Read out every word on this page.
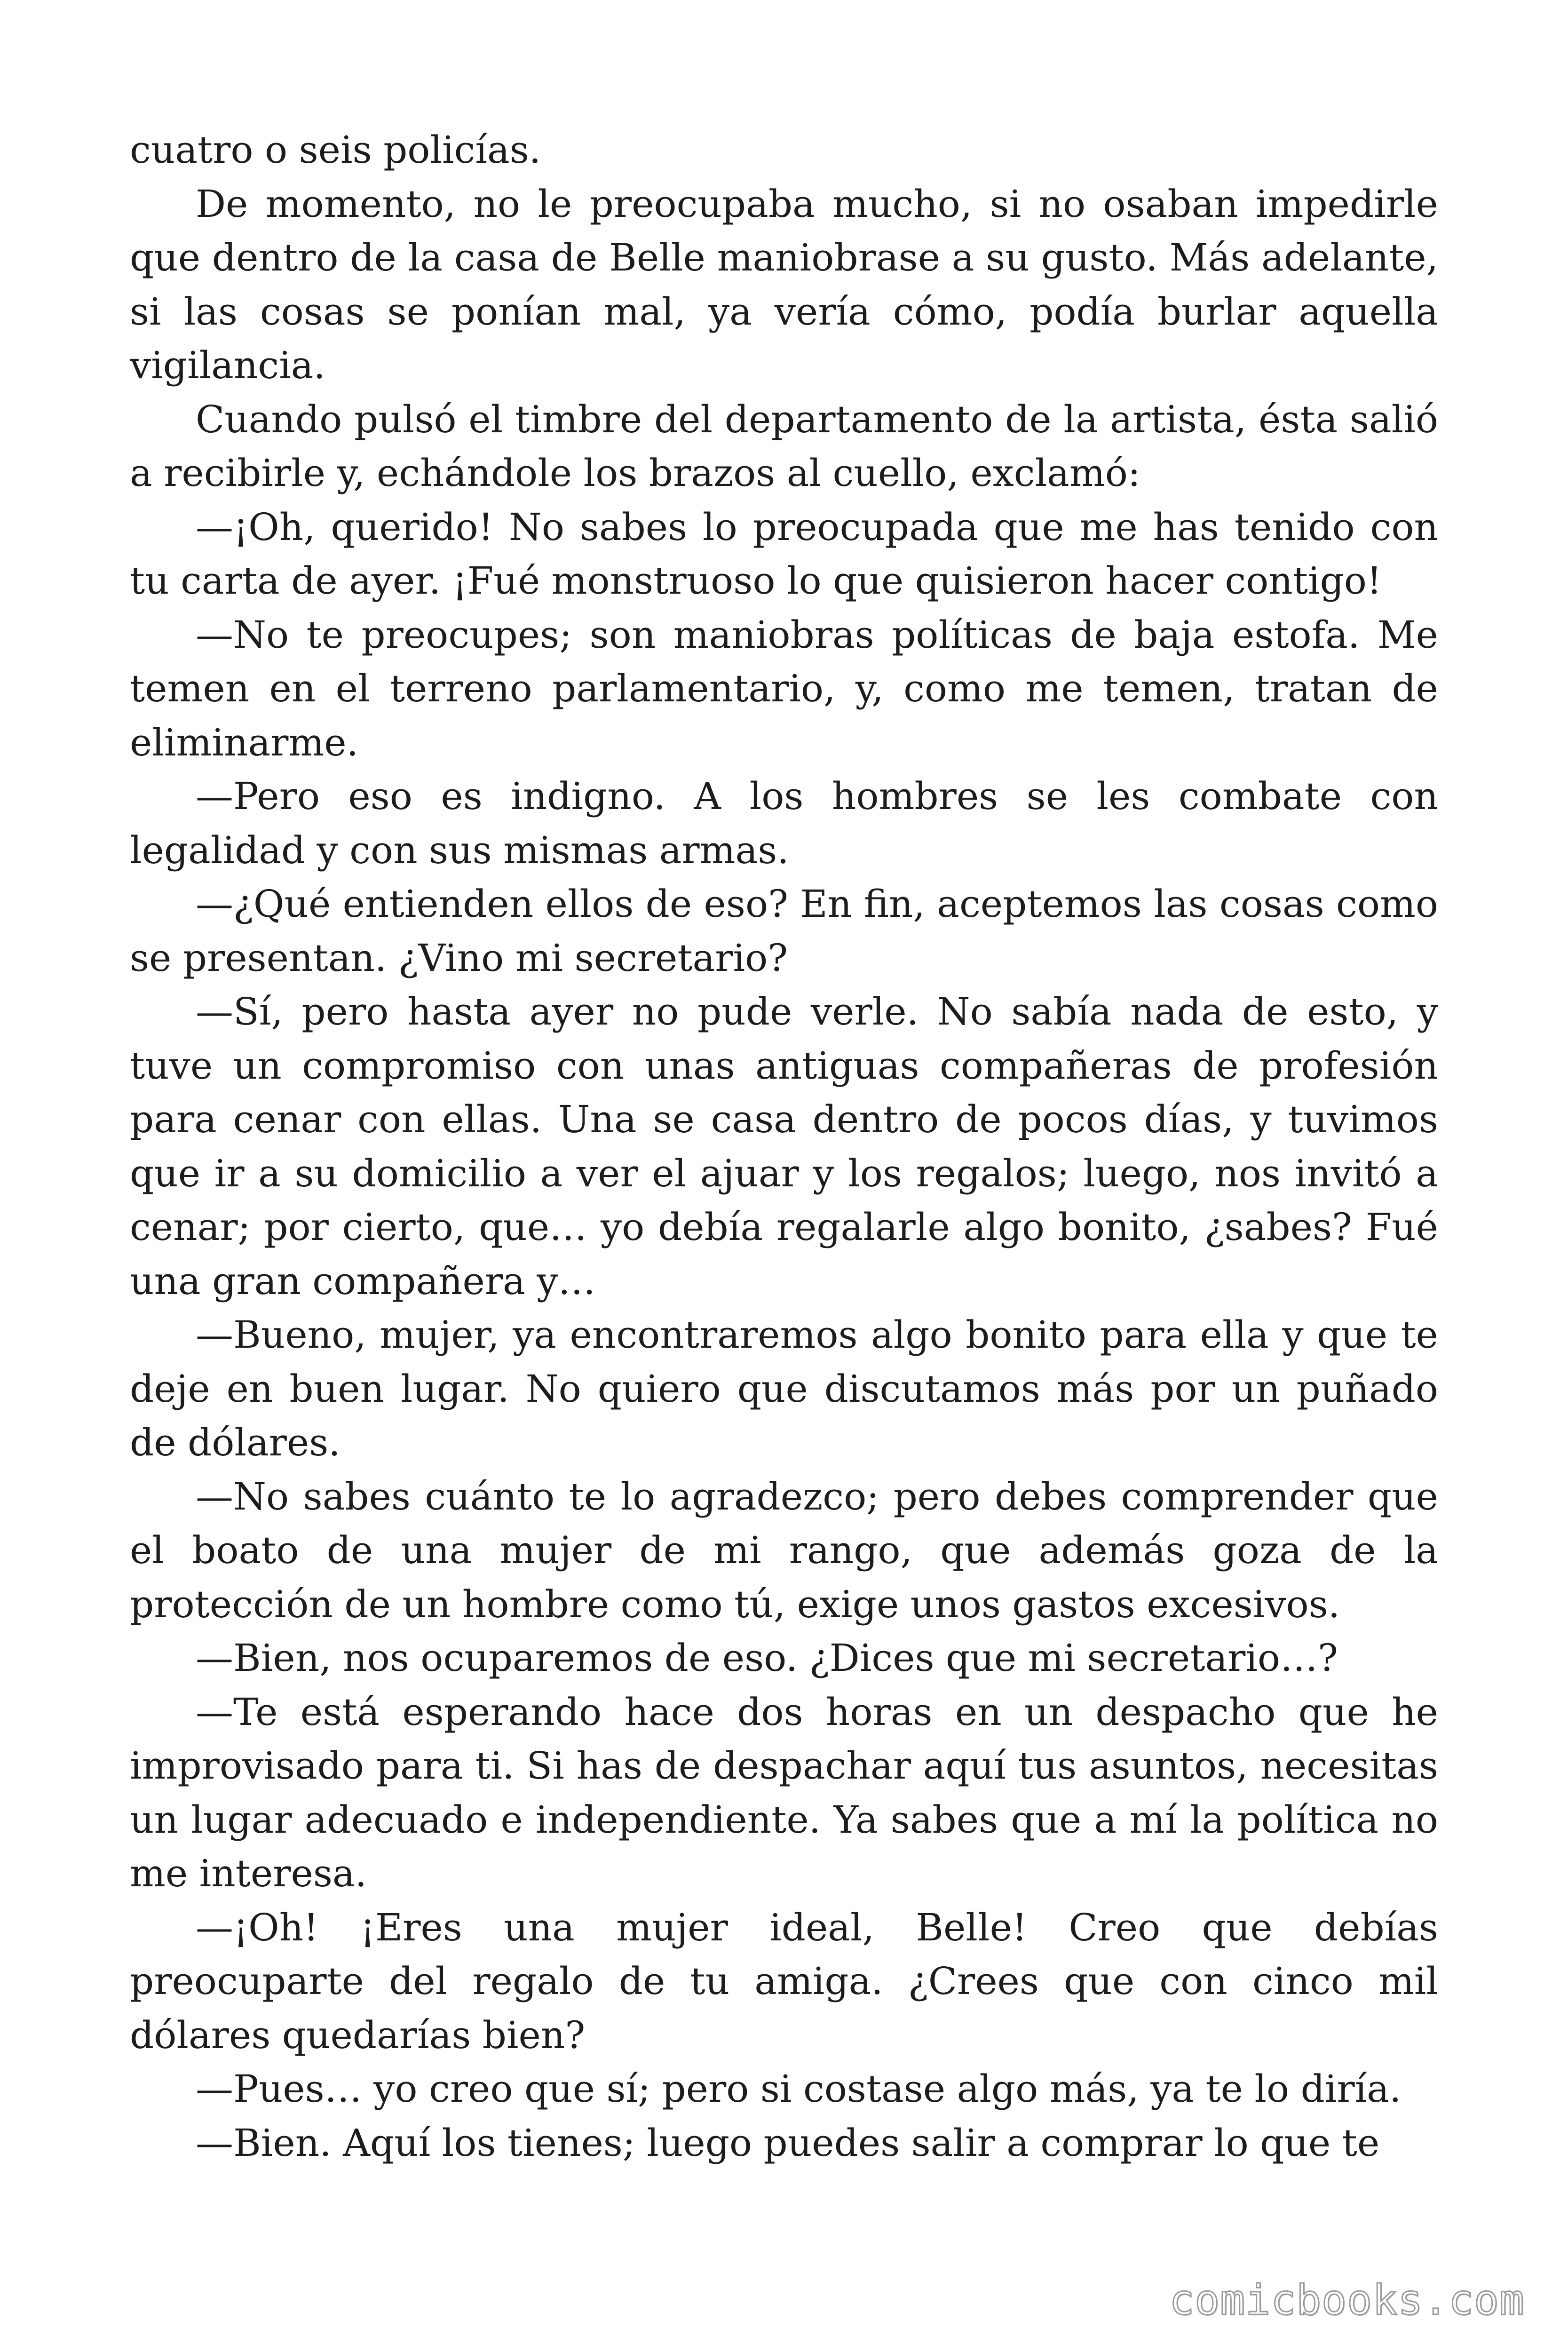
cuatro o seis policías.

De momento, no le preocupaba mucho, si no osaban impedirle que dentro de la casa de Belle maniobrase a su gusto. Más adelante, si las cosas se ponían mal, ya vería cómo, podía burlar aquella vigilancia.

Cuando pulsó el timbre del departamento de la artista, ésta salió a recibirle y, echándole los brazos al cuello, exclamó:

—¡Oh, querido! No sabes lo preocupada que me has tenido con tu carta de ayer. ¡Fué monstruoso lo que quisieron hacer contigo!

—No te preocupes; son maniobras políticas de baja estofa. Me temen en el terreno parlamentario, y, como me temen, tratan de eliminarme.

—Pero eso es indigno. A los hombres se les combate con legalidad y con sus mismas armas.

—¿Qué entienden ellos de eso? En fin, aceptemos las cosas como se presentan. ¿Vino mi secretario?

—Sí, pero hasta ayer no pude verle. No sabía nada de esto, y tuve un compromiso con unas antiguas compañeras de profesión para cenar con ellas. Una se casa dentro de pocos días, y tuvimos que ir a su domicilio a ver el ajuar y los regalos; luego, nos invitó a cenar; por cierto, que… yo debía regalarle algo bonito, ¿sabes? Fué una gran compañera y…

—Bueno, mujer, ya encontraremos algo bonito para ella y que te deje en buen lugar. No quiero que discutamos más por un puñado de dólares.

—No sabes cuánto te lo agradezco; pero debes comprender que el boato de una mujer de mi rango, que además goza de la protección de un hombre como tú, exige unos gastos excesivos.

—Bien, nos ocuparemos de eso. ¿Dices que mi secretario…?

—Te está esperando hace dos horas en un despacho que he improvisado para ti. Si has de despachar aquí tus asuntos, necesitas un lugar adecuado e independiente. Ya sabes que a mí la política no me interesa.

—¡Oh! ¡Eres una mujer ideal, Belle! Creo que debías preocuparte del regalo de tu amiga. ¿Crees que con cinco mil dólares quedarías bien?

—Pues… yo creo que sí; pero si costase algo más, ya te lo diría.

—Bien. Aquí los tienes; luego puedes salir a comprar lo que te

comicbooks.com
